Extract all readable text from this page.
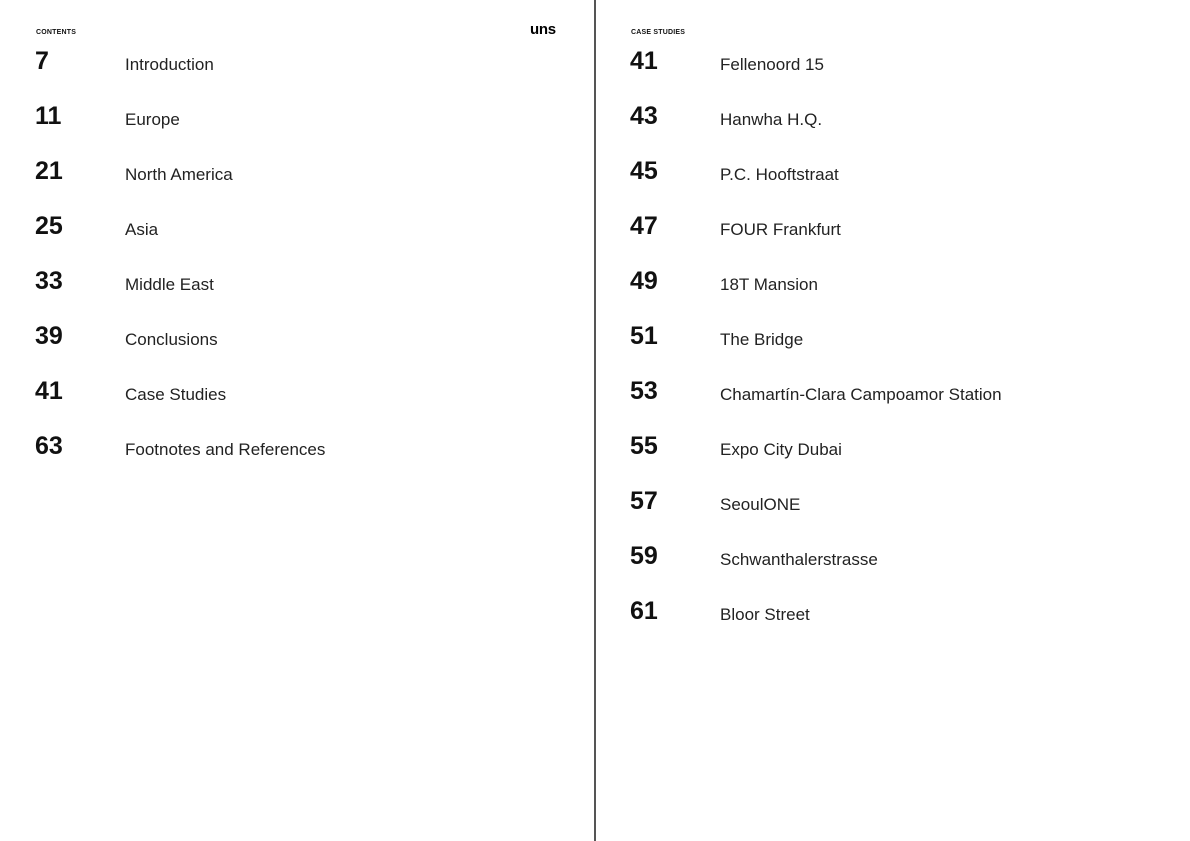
CONTENTS	uns
7	Introduction
11	Europe
21	North America
25	Asia
33	Middle East
39	Conclusions
41	Case Studies
63	Footnotes and References
CASE STUDIES
41	Fellenoord 15
43	Hanwha H.Q.
45	P.C. Hooftstraat
47	FOUR Frankfurt
49	18T Mansion
51	The Bridge
53	Chamartín-Clara Campoamor Station
55	Expo City Dubai
57	SeoulONE
59	Schwanthalerstrasse
61	Bloor Street
